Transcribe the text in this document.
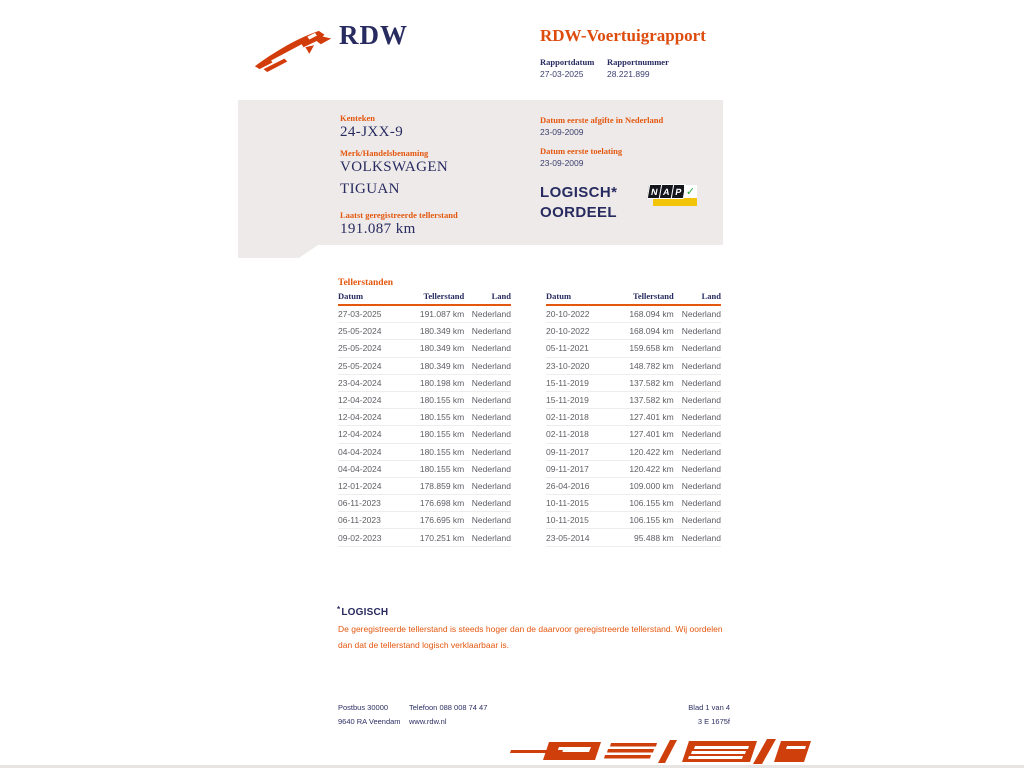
RDW	RDW-Voertuigrapport
Rapportdatum Rapportnummer
27-03-2025	28.221.899
Kenteken
24-JXX-9
Merk/Handelsbenaming
VOLKSWAGEN
TIGUAN
Laatst geregistreerde tellerstand
191.087 km
Datum eerste afgifte in Nederland
23-09-2009
Datum eerste toelating
23-09-2009
LOGISCH*
OORDEEL
N A P ✓
Tellerstanden
Datum	Tellerstand	Land
27-03-2025	191.087 km	Nederland
25-05-2024	180.349 km	Nederland
25-05-2024	180.349 km	Nederland
25-05-2024	180.349 km	Nederland
23-04-2024	180.198 km	Nederland
12-04-2024	180.155 km	Nederland
12-04-2024	180.155 km	Nederland
12-04-2024	180.155 km	Nederland
04-04-2024	180.155 km	Nederland
04-04-2024	180.155 km	Nederland
12-01-2024	178.859 km	Nederland
06-11-2023	176.698 km	Nederland
06-11-2023	176.695 km	Nederland
09-02-2023	170.251 km	Nederland
Datum	Tellerstand	Land
20-10-2022	168.094 km	Nederland
20-10-2022	168.094 km	Nederland
05-11-2021	159.658 km	Nederland
23-10-2020	148.782 km	Nederland
15-11-2019	137.582 km	Nederland
15-11-2019	137.582 km	Nederland
02-11-2018	127.401 km	Nederland
02-11-2018	127.401 km	Nederland
09-11-2017	120.422 km	Nederland
09-11-2017	120.422 km	Nederland
26-04-2016	109.000 km	Nederland
10-11-2015	106.155 km	Nederland
10-11-2015	106.155 km	Nederland
23-05-2014	95.488 km	Nederland
*LOGISCH
De geregistreerde tellerstand is steeds hoger dan de daarvoor geregistreerde tellerstand. Wij oordelen dan dat de tellerstand logisch verklaarbaar is.
Postbus 30000
9640 RA Veendam
Telefoon 088 008 74 47
www.rdw.nl
Blad 1 van 4
3 E 1675f
